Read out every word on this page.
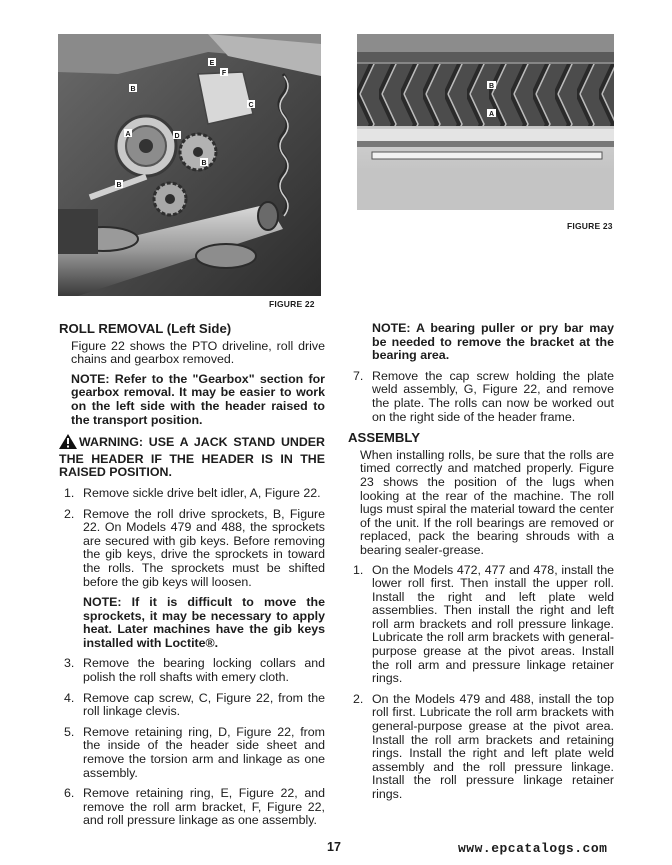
E
F
B
C
A	D
B
B
FIGURE 22
B
A
FIGURE 23
ROLL REMOVAL (Left Side)
Figure 22 shows the PTO driveline, roll drive chains and gearbox removed.
NOTE: Refer to the "Gearbox" section for gearbox removal. It may be easier to work on the left side with the header raised to the transport position.
WARNING: USE A JACK STAND UNDER THE HEADER IF THE HEADER IS IN THE RAISED POSITION.
1. Remove sickle drive belt idler, A, Figure 22.
2. Remove the roll drive sprockets, B, Figure 22. On Models 479 and 488, the sprockets are secured with gib keys. Before removing the gib keys, drive the sprockets in toward the rolls. The sprockets must be shifted before the gib keys will loosen.
NOTE: If it is difficult to move the sprockets, it may be necessary to apply heat. Later machines have the gib keys installed with Loctite®.
3. Remove the bearing locking collars and polish the roll shafts with emery cloth.
4. Remove cap screw, C, Figure 22, from the roll linkage clevis.
5. Remove retaining ring, D, Figure 22, from the inside of the header side sheet and remove the torsion arm and linkage as one assembly.
6. Remove retaining ring, E, Figure 22, and remove the roll arm bracket, F, Figure 22, and roll pressure linkage as one assembly.
NOTE: A bearing puller or pry bar may be needed to remove the bracket at the bearing area.
7. Remove the cap screw holding the plate weld assembly, G, Figure 22, and remove the plate. The rolls can now be worked out on the right side of the header frame.
ASSEMBLY
When installing rolls, be sure that the rolls are timed correctly and matched properly. Figure 23 shows the position of the lugs when looking at the rear of the machine. The roll lugs must spiral the material toward the center of the unit. If the roll bearings are removed or replaced, pack the bearing shrouds with a bearing sealer-grease.
1. On the Models 472, 477 and 478, install the lower roll first. Then install the upper roll. Install the right and left plate weld assemblies. Then install the right and left roll arm brackets and roll pressure linkage. Lubricate the roll arm brackets with general-purpose grease at the pivot areas. Install the roll arm and pressure linkage retainer rings.
2. On the Models 479 and 488, install the top roll first. Lubricate the roll arm brackets with general-purpose grease at the pivot area. Install the roll arm brackets and retaining rings. Install the right and left plate weld assembly and the roll pressure linkage. Install the roll pressure linkage retainer rings.
17	www.epcatalogs.com
